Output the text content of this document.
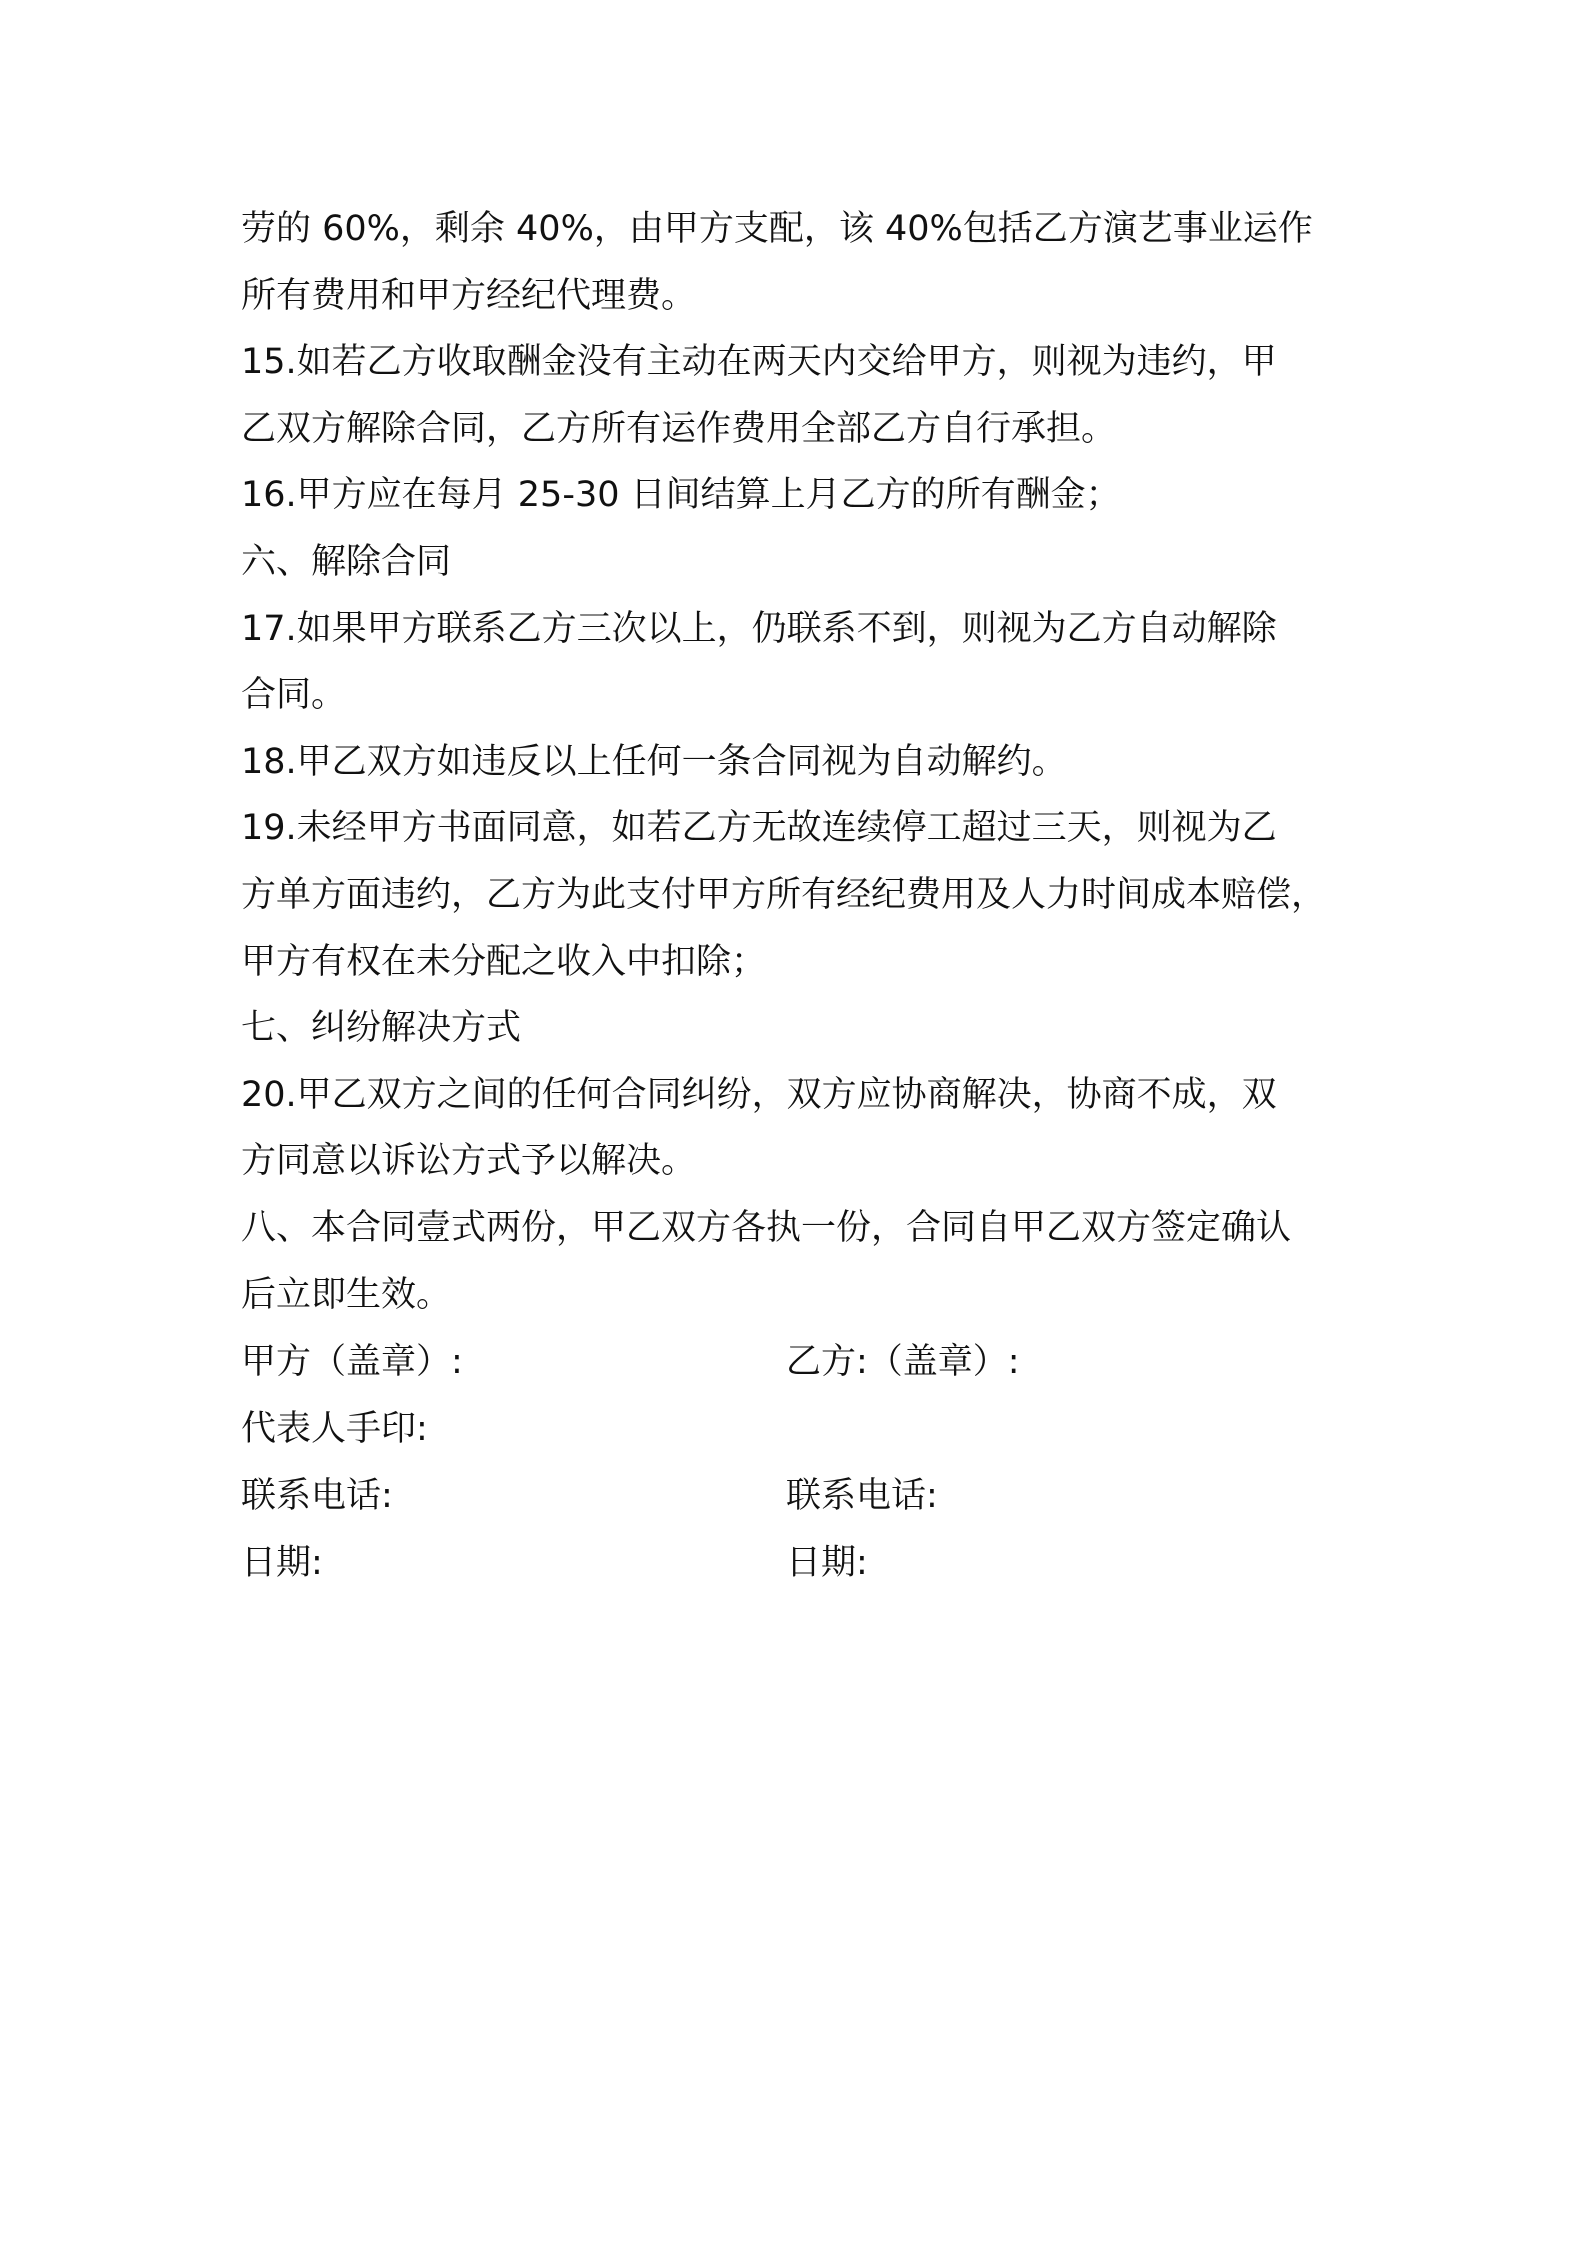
劳的 60%，剩余 40%，由甲方支配，该 40%包括乙方演艺事业运作
所有费用和甲方经纪代理费。
15.如若乙方收取酬金没有主动在两天内交给甲方，则视为违约，甲
乙双方解除合同，乙方所有运作费用全部乙方自行承担。
16.甲方应在每月 25-30 日间结算上月乙方的所有酬金；
六、解除合同
17.如果甲方联系乙方三次以上，仍联系不到，则视为乙方自动解除
合同。
18.甲乙双方如违反以上任何一条合同视为自动解约。
19.未经甲方书面同意，如若乙方无故连续停工超过三天，则视为乙
方单方面违约，乙方为此支付甲方所有经纪费用及人力时间成本赔偿，
甲方有权在未分配之收入中扣除；
七、纠纷解决方式
20.甲乙双方之间的任何合同纠纷，双方应协商解决，协商不成，双
方同意以诉讼方式予以解决。
八、本合同壹式两份，甲乙双方各执一份，合同自甲乙双方签定确认
后立即生效。
甲方（盖章）:	乙方:（盖章）:
代表人手印:
联系电话:	联系电话:
日期:	日期:
